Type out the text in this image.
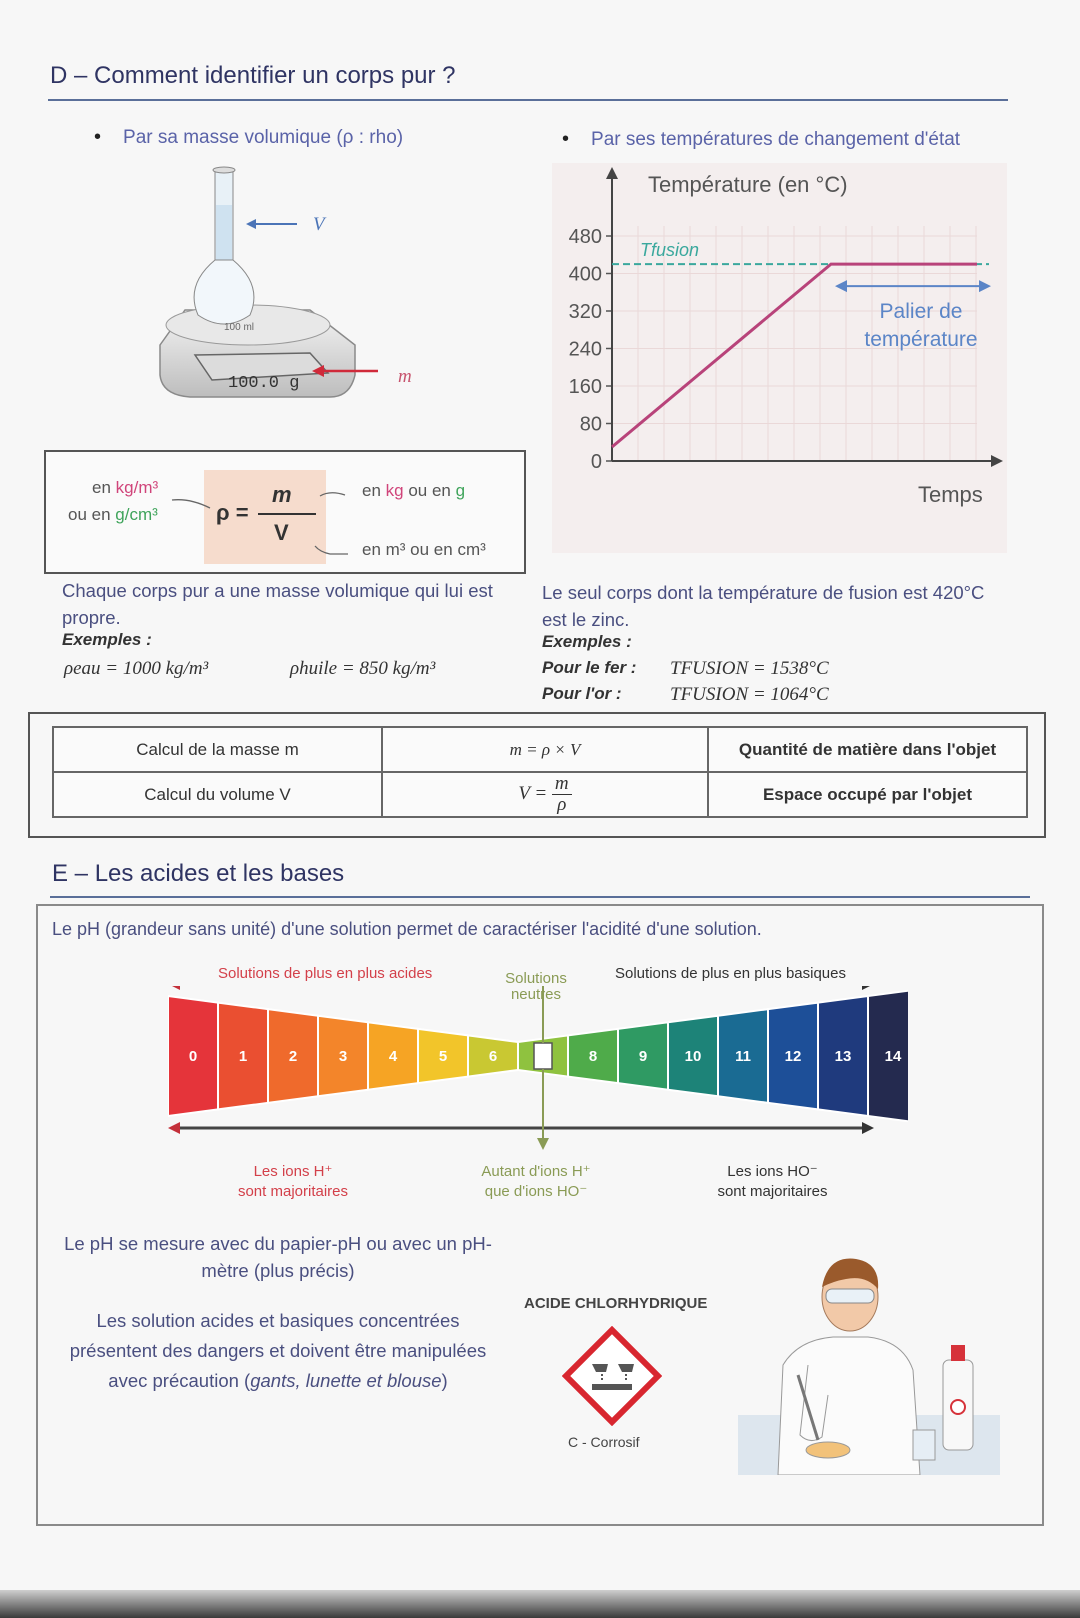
D – Comment identifier un corps pur ?
• Par sa masse volumique (ρ : rho)	• Par ses températures de changement d'état
V
m
100 ml
100.0 g
en kg/m³
ou en g/cm³	ρ =
m
V
en kg ou en g
en m³ ou en cm³
Chaque corps pur a une masse volumique qui lui est propre.
Exemples :
ρeau = 1000 kg/m³	ρhuile = 850 kg/m³
0
80
160
240
320
400
480
Température (en °C)
Temps
Tfusion
Palier de température
Le seul corps dont la température de fusion est 420°C est le zinc.
Exemples :
Pour le fer : TFUSION = 1538°C
Pour l'or :	TFUSION = 1064°C
Calcul de la masse m	m = ρ × V	Quantité de matière dans l'objet
Calcul du volume V	$V = \frac{m}{\rho}$	Espace occupé par l'objet
E – Les acides et les bases
Le pH (grandeur sans unité) d'une solution permet de caractériser l'acidité d'une solution.
Solutions de plus en plus acides	Solutions
neutres
Solutions de plus en plus basiques
0	1	2	3	4	5	6	8	9 10 11 12 13 14
Les ions H⁺
sont majoritaires
Autant d'ions H⁺
que d'ions HO⁻
Les ions HO⁻
sont majoritaires
Le pH se mesure avec du papier-pH ou avec un pH-mètre (plus précis)
Les solution acides et basiques concentrées présentent des dangers et doivent être manipulées avec précaution (gants, lunette et blouse)
ACIDE CHLORHYDRIQUE
C - Corrosif
